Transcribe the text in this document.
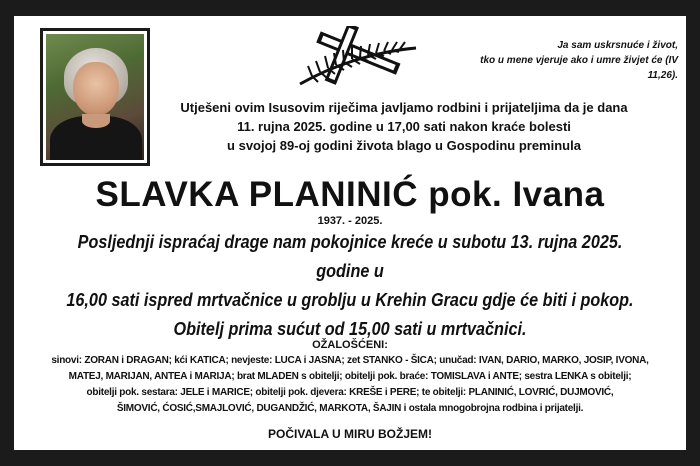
Ja sam uskrsnuće i život,
tko u mene vjeruje ako i umre živjet će (IV 11,26).
Utješeni ovim Isusovim riječima javljamo rodbini i prijateljima da je dana
11. rujna 2025. godine u 17,00 sati nakon kraće bolesti
u svojoj 89-oj godini života blago u Gospodinu preminula
SLAVKA PLANINIĆ pok. Ivana
1937. - 2025.
Posljednji ispraćaj drage nam pokojnice kreće u subotu 13. rujna 2025. godine u
16,00 sati ispred mrtvačnice u groblju u Krehin Gracu gdje će biti i pokop.
Obitelj prima sućut od 15,00 sati u mrtvačnici.
OŽALOŠĆENI:
sinovi: ZORAN i DRAGAN; kći KATICA; nevjeste: LUCA i JASNA; zet STANKO - ŠICA; unučad: IVAN, DARIO, MARKO, JOSIP, IVONA,
MATEJ, MARIJAN, ANTEA i MARIJA; brat MLADEN s obitelji; obitelji pok. braće: TOMISLAVA i ANTE; sestra LENKA s obitelji;
obitelji pok. sestara: JELE i MARICE; obitelji pok. djevera: KREŠE i PERE; te obitelji: PLANINIĆ, LOVRIĆ, DUJMOVIĆ,
ŠIMOVIĆ, ĆOSIĆ,SMAJLOVIĆ, DUGANDŽIĆ, MARKOTA, ŠAJIN i ostala mnogobrojna rodbina i prijatelji.
POČIVALA U MIRU BOŽJEM!
